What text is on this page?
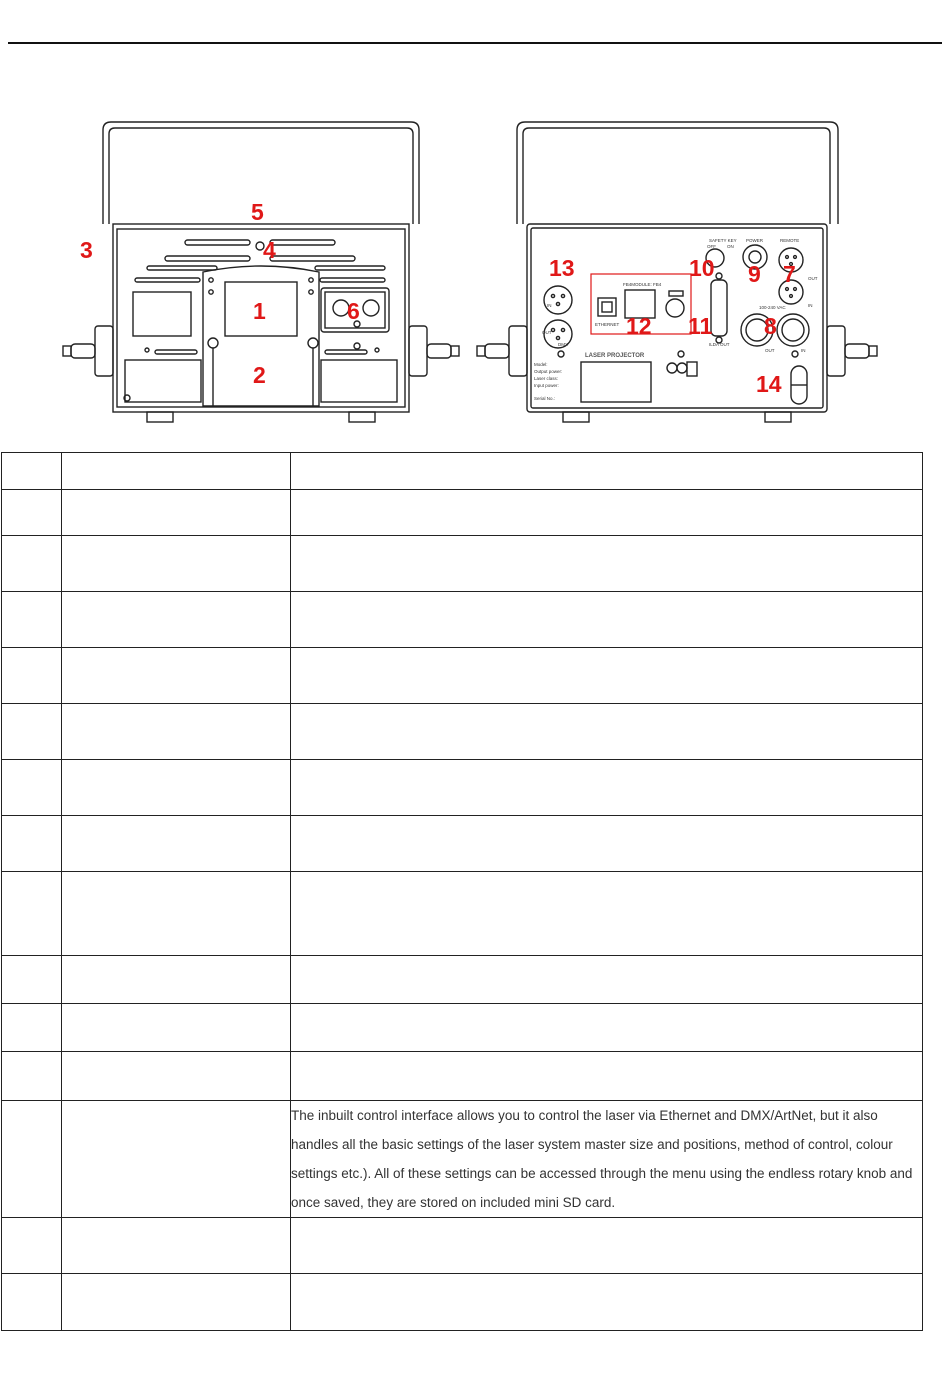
5
3	4
1	6
2
SAFETY KEY
OFF ON
POWER	REMOTE
OUT
IN
100-240 VAC
OUT	IN
ETHERNET
ILDA OUT
FB4MODULE: FB4
DMX
IN
OUT
LASER PROJECTOR
Model:
Output power:
Laser class:
Input power:
Serial No.:
13	10 9 7
12 11 8
14

		The inbuilt control interface allows you to control the laser via Ethernet and DMX/ArtNet, but it also handles all the basic settings of the laser system master size and positions, method of control, colour settings etc.). All of these settings can be accessed through the menu using the endless rotary knob and once saved, they are stored on included mini SD card.
